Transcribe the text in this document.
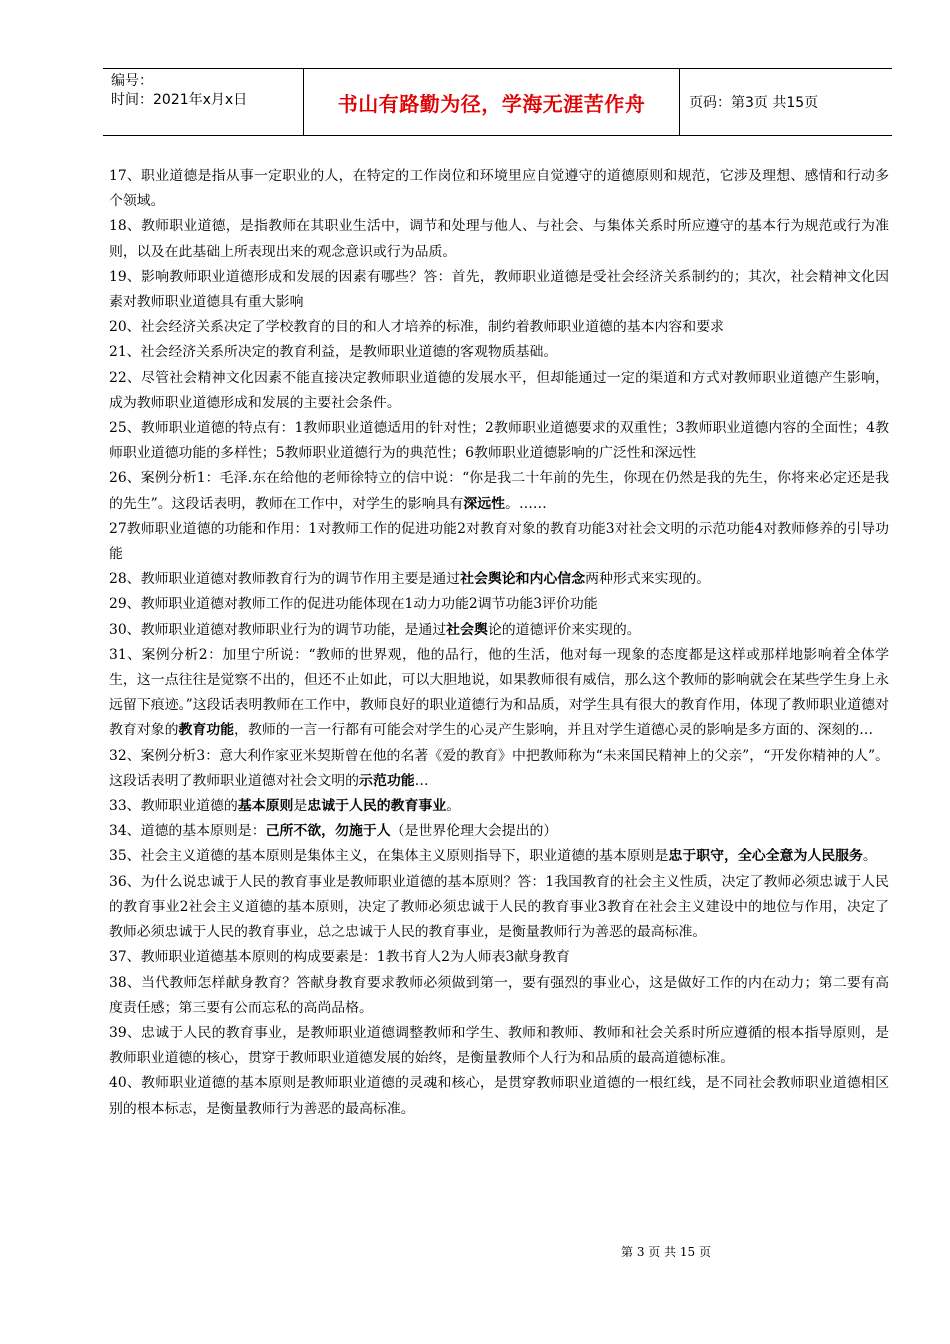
编号：
时间：2021年x月x日	书山有路勤为径，学海无涯苦作舟	页码：第3页 共15页

17、职业道德是指从事一定职业的人，在特定的工作岗位和环境里应自觉遵守的道德原则和规范，它涉及理想、感情和行动多个领域。

18、教师职业道德，是指教师在其职业生活中，调节和处理与他人、与社会、与集体关系时所应遵守的基本行为规范或行为准则，以及在此基础上所表现出来的观念意识或行为品质。

19、影响教师职业道德形成和发展的因素有哪些？答：首先，教师职业道德是受社会经济关系制约的；其次，社会精神文化因素对教师职业道德具有重大影响

20、社会经济关系决定了学校教育的目的和人才培养的标准，制约着教师职业道德的基本内容和要求

21、社会经济关系所决定的教育利益，是教师职业道德的客观物质基础。

22、尽管社会精神文化因素不能直接决定教师职业道德的发展水平，但却能通过一定的渠道和方式对教师职业道德产生影响，成为教师职业道德形成和发展的主要社会条件。

25、教师职业道德的特点有：1教师职业道德适用的针对性；2教师职业道德要求的双重性；3教师职业道德内容的全面性；4教师职业道德功能的多样性；5教师职业道德行为的典范性；6教师职业道德影响的广泛性和深远性

26、案例分析1：毛泽.东在给他的老师徐特立的信中说：“你是我二十年前的先生，你现在仍然是我的先生，你将来必定还是我的先生”。这段话表明，教师在工作中，对学生的影响具有深远性。……

27教师职业道德的功能和作用：1对教师工作的促进功能2对教育对象的教育功能3对社会文明的示范功能4对教师修养的引导功能

28、教师职业道德对教师教育行为的调节作用主要是通过社会舆论和内心信念两种形式来实现的。

29、教师职业道德对教师工作的促进功能体现在1动力功能2调节功能3评价功能

30、教师职业道德对教师职业行为的调节功能，是通过社会舆论的道德评价来实现的。

31、案例分析2：加里宁所说：“教师的世界观，他的品行，他的生活，他对每一现象的态度都是这样或那样地影响着全体学生，这一点往往是觉察不出的，但还不止如此，可以大胆地说，如果教师很有威信，那么这个教师的影响就会在某些学生身上永远留下痕迹。”这段话表明教师在工作中，教师良好的职业道德行为和品质，对学生具有很大的教育作用，体现了教师职业道德对教育对象的教育功能，教师的一言一行都有可能会对学生的心灵产生影响，并且对学生道德心灵的影响是多方面的、深刻的…

32、案例分析3：意大利作家亚米契斯曾在他的名著《爱的教育》中把教师称为“未来国民精神上的父亲”，“开发你精神的人”。这段话表明了教师职业道德对社会文明的示范功能…

33、教师职业道德的基本原则是忠诚于人民的教育事业。

34、道德的基本原则是：己所不欲，勿施于人（是世界伦理大会提出的）

35、社会主义道德的基本原则是集体主义，在集体主义原则指导下，职业道德的基本原则是忠于职守，全心全意为人民服务。

36、为什么说忠诚于人民的教育事业是教师职业道德的基本原则？答：1我国教育的社会主义性质，决定了教师必须忠诚于人民的教育事业2社会主义道德的基本原则，决定了教师必须忠诚于人民的教育事业3教育在社会主义建设中的地位与作用，决定了教师必须忠诚于人民的教育事业，总之忠诚于人民的教育事业，是衡量教师行为善恶的最高标准。

37、教师职业道德基本原则的构成要素是：1教书育人2为人师表3献身教育

38、当代教师怎样献身教育？答献身教育要求教师必须做到第一，要有强烈的事业心，这是做好工作的内在动力；第二要有高度责任感；第三要有公而忘私的高尚品格。

39、忠诚于人民的教育事业，是教师职业道德调整教师和学生、教师和教师、教师和社会关系时所应遵循的根本指导原则，是教师职业道德的核心，贯穿于教师职业道德发展的始终，是衡量教师个人行为和品质的最高道德标准。

40、教师职业道德的基本原则是教师职业道德的灵魂和核心，是贯穿教师职业道德的一根红线，是不同社会教师职业道德相区别的根本标志，是衡量教师行为善恶的最高标准。

第 3 页 共 15 页
